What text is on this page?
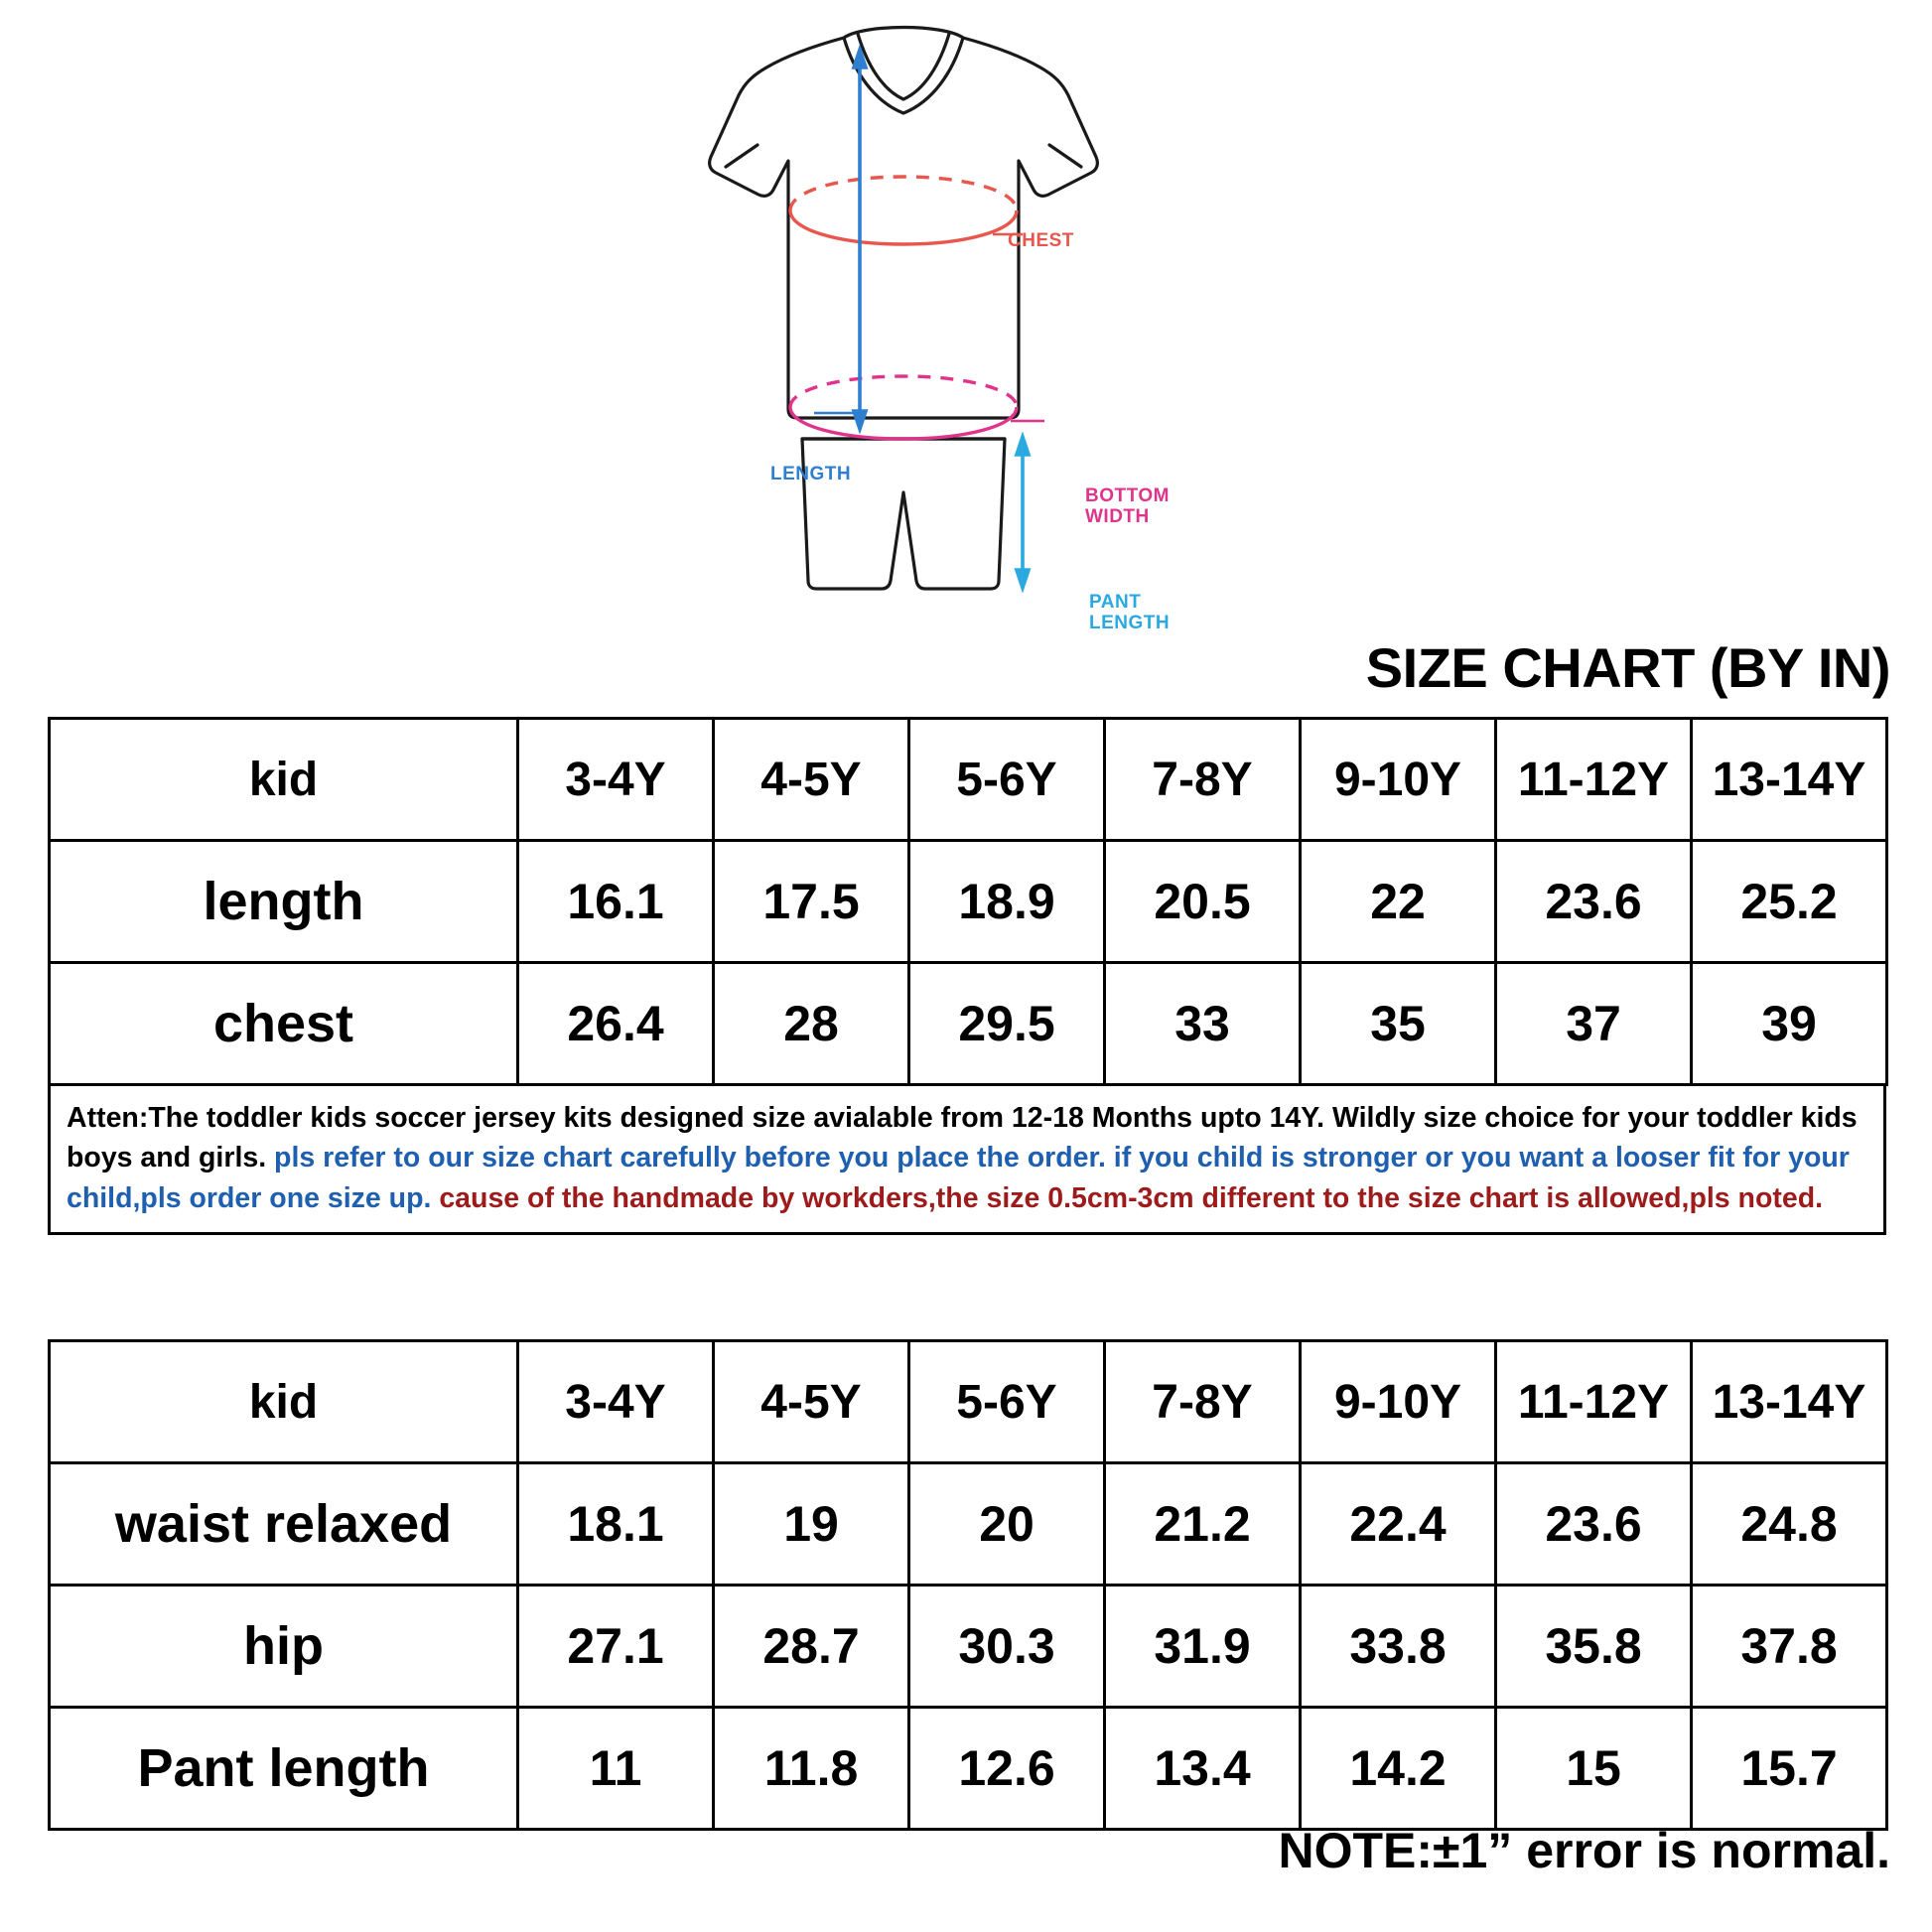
CHEST
LENGTH
BOTTOM
WIDTH
PANT
LENGTH
SIZE CHART (BY IN)
kid	3-4Y	4-5Y	5-6Y	7-8Y	9-10Y	11-12Y	13-14Y
length	16.1	17.5	18.9	20.5	22	23.6	25.2
chest	26.4	28	29.5	33	35	37	39
Atten:The toddler kids soccer jersey kits designed size avialable from 12-18 Months upto 14Y. Wildly size choice for your toddler kids boys and girls. pls refer to our size chart carefully before you place the order. if you child is stronger or you want a looser fit for your child,pls order one size up. cause of the handmade by workders,the size 0.5cm-3cm different to the size chart is allowed,pls noted.
kid	3-4Y	4-5Y	5-6Y	7-8Y	9-10Y	11-12Y	13-14Y
waist relaxed	18.1	19	20	21.2	22.4	23.6	24.8
hip	27.1	28.7	30.3	31.9	33.8	35.8	37.8
Pant length	11	11.8	12.6	13.4	14.2	15	15.7
NOTE:±1” error is normal.
